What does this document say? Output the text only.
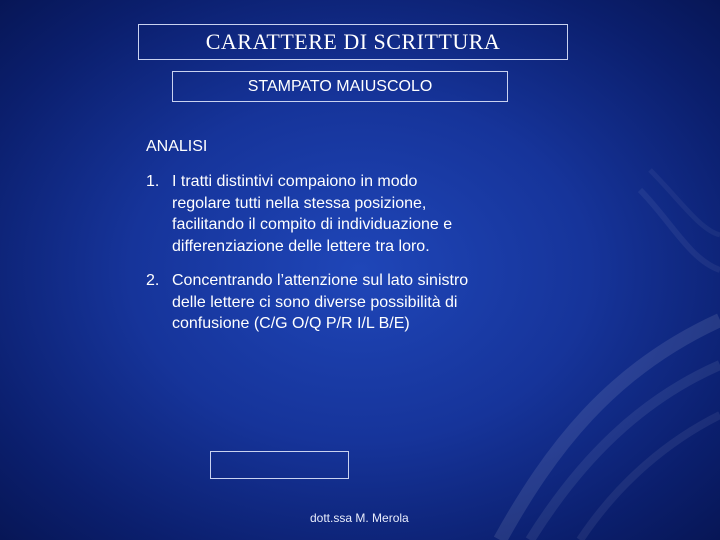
CARATTERE DI SCRITTURA
STAMPATO MAIUSCOLO
ANALISI
1. I tratti distintivi compaiono in modo regolare tutti nella stessa posizione, facilitando il compito di individuazione e differenziazione delle lettere tra loro.
2. Concentrando l’attenzione sul lato sinistro delle lettere ci sono diverse possibilità di confusione (C/G O/Q P/R I/L B/E)
dott.ssa M. Merola
